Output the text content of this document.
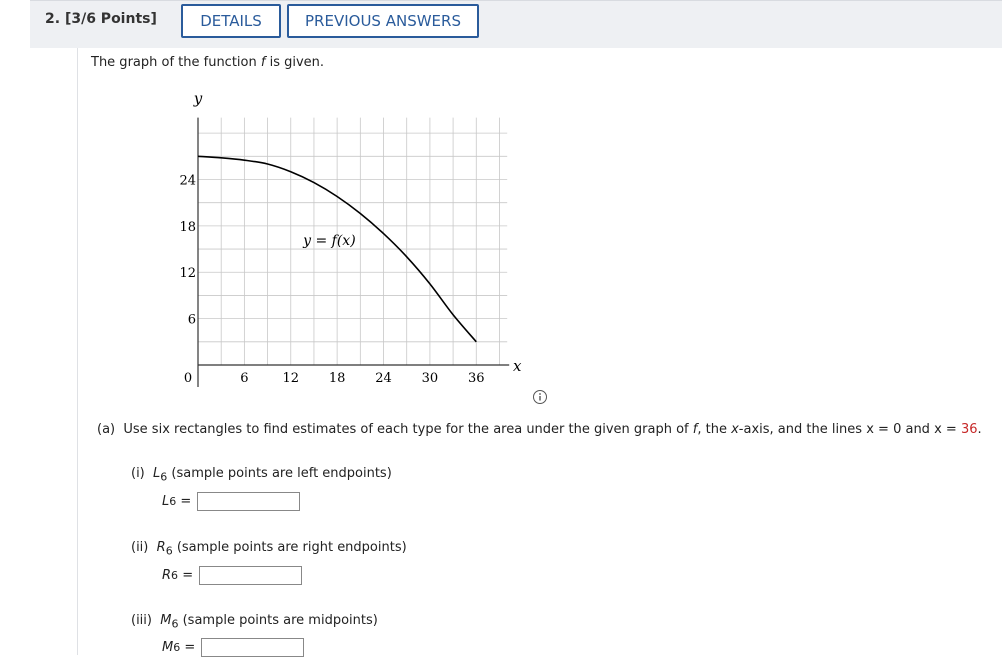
2. [3/6 Points]	DETAILS	PREVIOUS ANSWERS
The graph of the function f is given.
y
x
y = f(x)
0	6	12 18 24 30 36
6
12
18
24
(a) Use six rectangles to find estimates of each type for the area under the given graph of f, the x-axis, and the lines x = 0 and x = 36.
(i) $L_6$ (sample points are left endpoints)
L 6
=
(ii) $R_6$ (sample points are right endpoints)
R 6
=
(iii) $M_6$ (sample points are midpoints)
M 6
=
